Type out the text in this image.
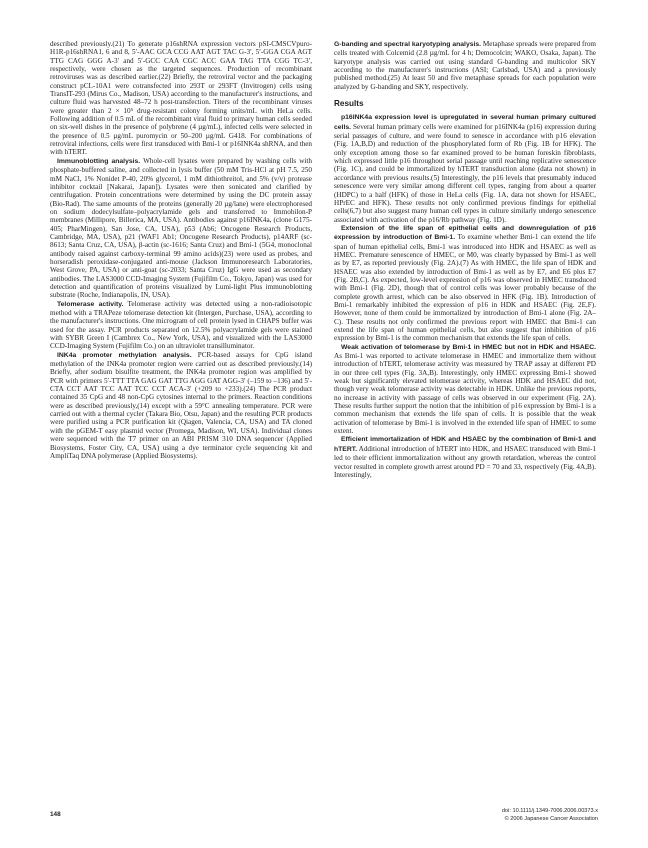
described previously.(21) To generate p16shRNA expression vectors pSI-CMSCVpuro-H1R-p16shRNA1, 6 and 8, 5′-AAC GCA CCG AAT AGT TAC G-3′, 5′-GGA CGA AGT TTG CAG GGG A-3′ and 5′-GCC CAA CGC ACC GAA TAG TTA CGG TC-3′, respectively, were chosen as the targeted sequences. Production of recombinant retroviruses was as described earlier.(22) Briefly, the retroviral vector and the packaging construct pCL-10A1 were cotransfected into 293T or 293FT (Invitrogen) cells using TransIT-293 (Mirus Co., Madison, USA) according to the manufacturer's instructions, and culture fluid was harvested 48–72 h post-transfection. Titers of the recombinant viruses were greater than 2 × 10⁵ drug-resistant colony forming units/mL with HeLa cells. Following addition of 0.5 mL of the recombinant viral fluid to primary human cells seeded on six-well dishes in the presence of polybrene (4 µg/mL), infected cells were selected in the presence of 0.5 µg/mL puromycin or 50–200 µg/mL G418. For combinations of retroviral infections, cells were first transduced with Bmi-1 or p16INK4a shRNA, and then with hTERT.

Immunoblotting analysis. Whole-cell lysates were prepared by washing cells with phosphate-buffered saline, and collected in lysis buffer (50 mM Tris-HCl at pH 7.5, 250 mM NaCl, 1% Nonidet P-40, 20% glycerol, 1 mM dithiothreitol, and 5% (v/v) protease inhibitor cocktail [Nakarai, Japan]). Lysates were then sonicated and clarified by centrifugation. Protein concentrations were determined by using the DC protein assay (Bio-Rad). The same amounts of the proteins (generally 20 µg/lane) were electrophoresed on sodium dodecylsulfate–polyacrylamide gels and transferred to Immobilon-P membranes (Millipore, Billerica, MA, USA). Antibodies against p16INK4a, (clone G175-405; PharMingen), San Jose, CA, USA), p53 (Ab6; Oncogene Research Products, Cambridge, MA, USA), p21 (WAF1 Ab1; Oncogene Research Products), p14ARF (sc-8613; Santa Cruz, CA, USA), β-actin (sc-1616; Santa Cruz) and Bmi-1 (5G4, monoclonal antibody raised against carboxy-terminal 99 amino acids)(23) were used as probes, and horseradish peroxidase-conjugated anti-mouse (Jackson Immunoresearch Laboratories, West Grove, PA, USA) or anti-goat (sc-2033; Santa Cruz) IgG were used as secondary antibodies. The LAS3000 CCD-Imaging System (Fujifilm Co., Tokyo, Japan) was used for detection and quantification of proteins visualized by Lumi-light Plus immunoblotting substrate (Roche, Indianapolis, IN, USA).

Telomerase activity. Telomerase activity was detected using a non-radioisotopic method with a TRAPeze telomerase detection kit (Intergen, Purchase, USA), according to the manufacturer's instructions. One microgram of cell protein lysed in CHAPS buffer was used for the assay. PCR products separated on 12.5% polyacrylamide gels were stained with SYBR Green I (Cambrex Co., New York, USA), and visualized with the LAS3000 CCD-Imaging System (Fujifilm Co.) on an ultraviolet transilluminator.

INK4a promoter methylation analysis. PCR-based assays for CpG island methylation of the INK4a promoter region were carried out as described previously.(14) Briefly, after sodium bisulfite treatment, the INK4a promoter region was amplified by PCR with primers 5′-TTT TTA GAG GAT TTG AGG GAT AGG-3′ (–159 to –136) and 5′-CTA CCT AAT TCC AAT TCC CCT ACA-3′ (+209 to +233).(24) The PCR product contained 35 CpG and 48 non-CpG cytosines internal to the primers. Reaction conditions were as described previously,(14) except with a 59°C annealing temperature. PCR were carried out with a thermal cycler (Takara Bio, Otsu, Japan) and the resulting PCR products were purified using a PCR purification kit (Qiagen, Valencia, CA, USA) and TA cloned with the pGEM-T easy plasmid vector (Promega, Madison, WI, USA). Individual clones were sequenced with the T7 primer on an ABI PRISM 310 DNA sequencer (Applied Biosystems, Foster City, CA, USA) using a dye terminator cycle sequencing kit and AmpliTaq DNA polymerase (Applied Biosystems).

G-banding and spectral karyotyping analysis. Metaphase spreads were prepared from cells treated with Colcemid (2.8 µg/mL for 4 h; Democolcin; WAKO, Osaka, Japan). The karyotype analysis was carried out using standard G-banding and multicolor SKY according to the manufacturer's instructions (ASI; Carlsbad, USA) and a previously published method.(25) At least 50 and five metaphase spreads for each population were analyzed by G-banding and SKY, respectively.

Results

p16INK4a expression level is upregulated in several human primary cultured cells. Several human primary cells were examined for p16INK4a (p16) expression during serial passages of culture, and were found to senesce in accordance with p16 elevation (Fig. 1A,B,D) and reduction of the phosphorylated form of Rb (Fig. 1B for HFK). The only exception among those so far examined proved to be human foreskin fibroblasts, which expressed little p16 throughout serial passage until reaching replicative senescence (Fig. 1C), and could be immortalized by hTERT transduction alone (data not shown) in accordance with previous results.(5) Interestingly, the p16 levels that presumably induced senescence were very similar among different cell types, ranging from about a quarter (HDPC) to a half (HFK) of those in HeLa cells (Fig. 1A, data not shown for HSAEC, HPrEC and HFK). These results not only confirmed previous findings for epithelial cells(6,7) but also suggest many human cell types in culture similarly undergo senescence associated with activation of the p16/Rb pathway (Fig. 1D).

Extension of the life span of epithelial cells and downregulation of p16 expression by introduction of Bmi-1. To examine whether Bmi-1 can extend the life span of human epithelial cells, Bmi-1 was introduced into HDK and HSAEC as well as HMEC. Premature senescence of HMEC, or M0, was clearly bypassed by Bmi-1 as well as by E7, as reported previously (Fig. 2A).(7) As with HMEC, the life span of HDK and HSAEC was also extended by introduction of Bmi-1 as well as by E7, and E6 plus E7 (Fig. 2B,C). As expected, low-level expression of p16 was observed in HMEC transduced with Bmi-1 (Fig. 2D), though that of control cells was lower probably because of the complete growth arrest, which can be also observed in HFK (Fig. 1B). Introduction of Bmi-1 remarkably inhibited the expression of p16 in HDK and HSAEC (Fig. 2E,F). However, none of them could be immortalized by introduction of Bmi-1 alone (Fig. 2A–C). These results not only confirmed the previous report with HMEC that Bmi-1 can extend the life span of human epithelial cells, but also suggest that inhibition of p16 expression by Bmi-1 is the common mechanism that extends the life span of cells.

Weak activation of telomerase by Bmi-1 in HMEC but not in HDK and HSAEC. As Bmi-1 was reported to activate telomerase in HMEC and immortalize them without introduction of hTERT, telomerase activity was measured by TRAP assay at different PD in our three cell types (Fig. 3A,B). Interestingly, only HMEC expressing Bmi-1 showed weak but significantly elevated telomerase activity, whereas HDK and HSAEC did not, though very weak telomerase activity was detectable in HDK. Unlike the previous reports, no increase in activity with passage of cells was observed in our experiment (Fig. 2A). These results further support the notion that the inhibition of p16 expression by Bmi-1 is a common mechanism that extends the life span of cells. It is possible that the weak activation of telomerase by Bmi-1 is involved in the extended life span of HMEC to some extent.

Efficient immortalization of HDK and HSAEC by the combination of Bmi-1 and hTERT. Additional introduction of hTERT into HDK, and HSAEC transduced with Bmi-1 led to their efficient immortalization without any growth retardation, whereas the control vector resulted in complete growth arrest around PD = 70 and 33, respectively (Fig. 4A,B). Interestingly,

148	doi: 10.1111/j.1349-7006.2006.00373.x
© 2006 Japanese Cancer Association
